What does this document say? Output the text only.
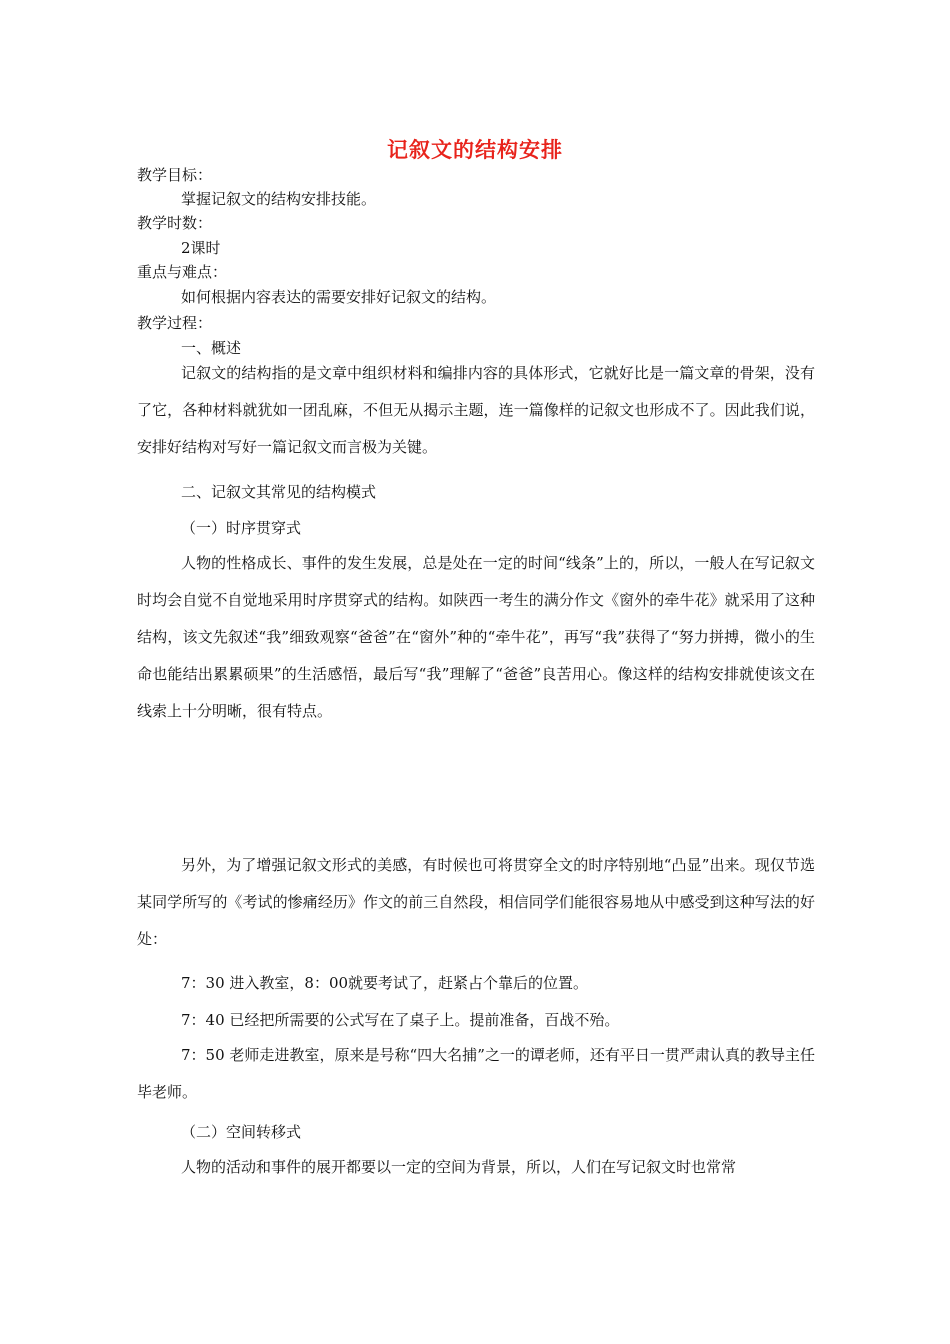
记叙文的结构安排
教学目标：
掌握记叙文的结构安排技能。
教学时数：
2课时
重点与难点：
如何根据内容表达的需要安排好记叙文的结构。
教学过程：
一、概述
记叙文的结构指的是文章中组织材料和编排内容的具体形式，它就好比是一篇文章的骨架，没有了它，各种材料就犹如一团乱麻，不但无从揭示主题，连一篇像样的记叙文也形成不了。因此我们说，安排好结构对写好一篇记叙文而言极为关键。
二、记叙文其常见的结构模式
（一）时序贯穿式
人物的性格成长、事件的发生发展，总是处在一定的时间“线条”上的，所以，一般人在写记叙文时均会自觉不自觉地采用时序贯穿式的结构。如陕西一考生的满分作文《窗外的牵牛花》就采用了这种结构，该文先叙述“我”细致观察“爸爸”在“窗外”种的“牵牛花”，再写“我”获得了“努力拼搏，微小的生命也能结出累累硕果”的生活感悟，最后写“我”理解了“爸爸”良苦用心。像这样的结构安排就使该文在线索上十分明晰，很有特点。
另外，为了增强记叙文形式的美感，有时候也可将贯穿全文的时序特别地“凸显”出来。现仅节选某同学所写的《考试的惨痛经历》作文的前三自然段，相信同学们能很容易地从中感受到这种写法的好处：
7：30 进入教室，8：00就要考试了，赶紧占个靠后的位置。
7：40 已经把所需要的公式写在了桌子上。提前准备，百战不殆。
7：50 老师走进教室，原来是号称“四大名捕”之一的谭老师，还有平日一贯严肃认真的教导主任毕老师。
（二）空间转移式
人物的活动和事件的展开都要以一定的空间为背景，所以，人们在写记叙文时也常常
